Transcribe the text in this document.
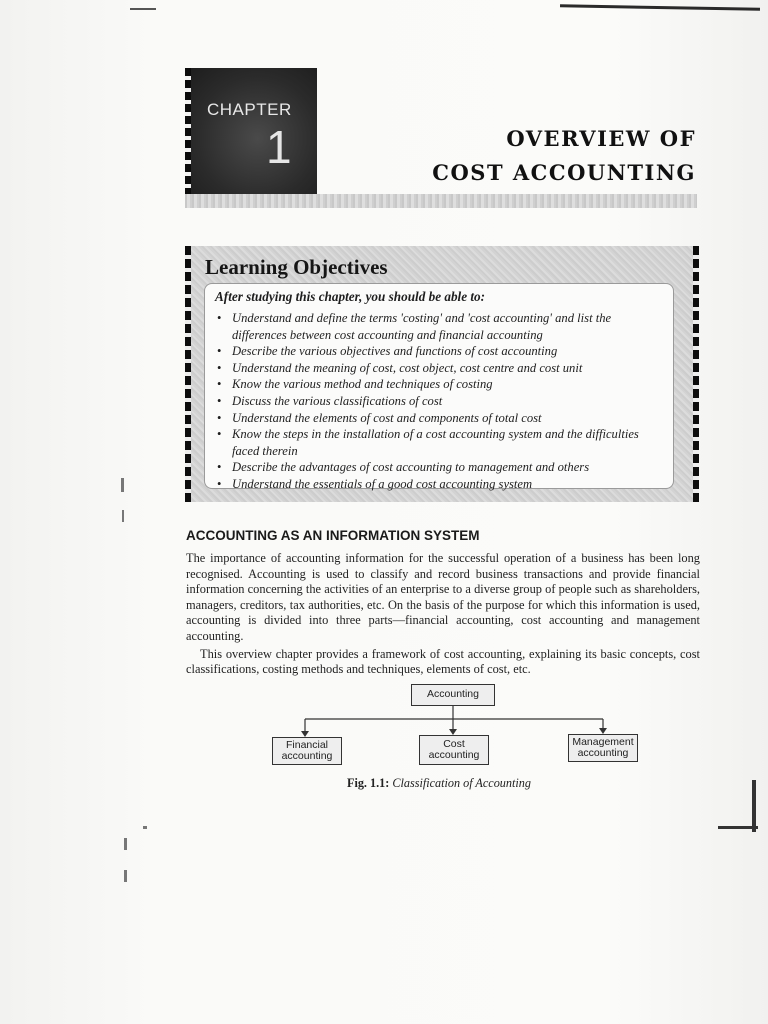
CHAPTER
1	OVERVIEW OF
COST ACCOUNTING
Learning Objectives

After studying this chapter, you should be able to:

• Understand and define the terms 'costing' and 'cost accounting' and list the differences between cost accounting and financial accounting
• Describe the various objectives and functions of cost accounting
• Understand the meaning of cost, cost object, cost centre and cost unit
• Know the various method and techniques of costing
• Discuss the various classifications of cost
• Understand the elements of cost and components of total cost
• Know the steps in the installation of a cost accounting system and the difficulties faced therein
• Describe the advantages of cost accounting to management and others
• Understand the essentials of a good cost accounting system
ACCOUNTING AS AN INFORMATION SYSTEM

The importance of accounting information for the successful operation of a business has been long recognised. Accounting is used to classify and record business transactions and provide financial information concerning the activities of an enterprise to a diverse group of people such as shareholders, managers, creditors, tax authorities, etc. On the basis of the purpose for which this information is used, accounting is divided into three parts—financial accounting, cost accounting and management accounting.

This overview chapter provides a framework of cost accounting, explaining its basic concepts, cost classifications, costing methods and techniques, elements of cost, etc.

Accounting
Financial accounting
Cost accounting
Management accounting
Fig. 1.1: Classification of Accounting
